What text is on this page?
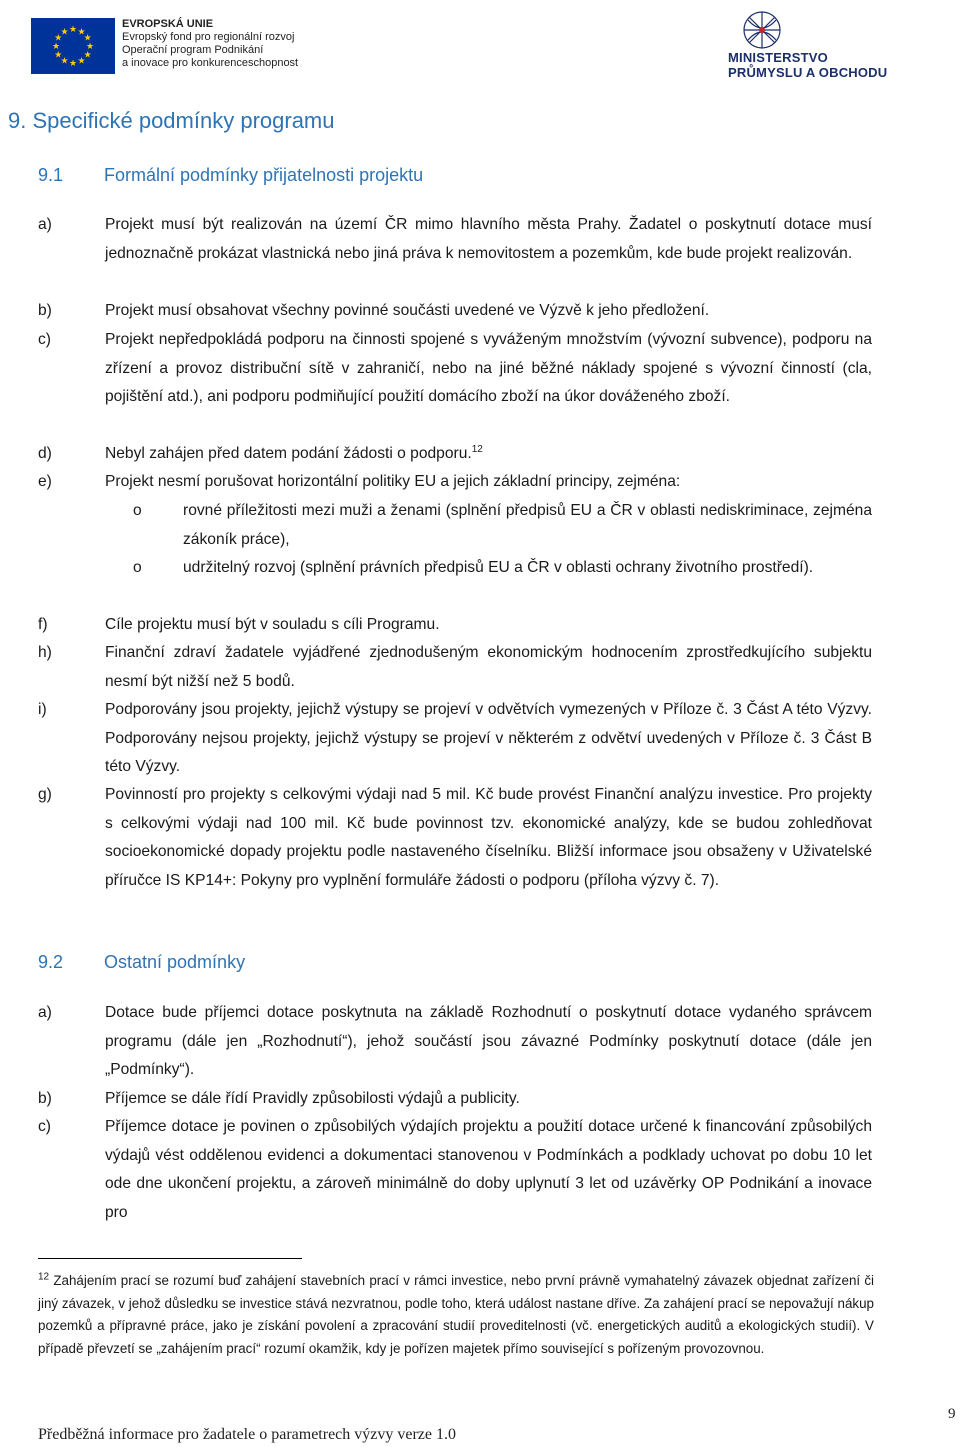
★ ★
★
★
★
★
★
★
★
★
★
★
EVROPSKÁ UNIE
Evropský fond pro regionální rozvoj
Operační program Podnikání
a inovace pro konkurenceschopnost	MINISTERSTVO
PRŮMYSLU A OBCHODU
9. Specifické podmínky programu
9.1 Formální podmínky přijatelnosti projektu
a)	Projekt musí být realizován na území ČR mimo hlavního města Prahy. Žadatel o poskytnutí dotace musí jednoznačně prokázat vlastnická nebo jiná práva k nemovitostem a pozemkům, kde bude projekt realizován.
b)	Projekt musí obsahovat všechny povinné součásti uvedené ve Výzvě k jeho předložení.
c)	Projekt nepředpokládá podporu na činnosti spojené s vyváženým množstvím (vývozní subvence), podporu na zřízení a provoz distribuční sítě v zahraničí, nebo na jiné běžné náklady spojené s vývozní činností (cla, pojištění atd.), ani podporu podmiňující použití domácího zboží na úkor dováženého zboží.
d)	Nebyl zahájen před datem podání žádosti o podporu.$^{12}$
e)	Projekt nesmí porušovat horizontální politiky EU a jejich základní principy, zejména:
o	rovné příležitosti mezi muži a ženami (splnění předpisů EU a ČR v oblasti nediskriminace, zejména zákoník práce),
o	udržitelný rozvoj (splnění právních předpisů EU a ČR v oblasti ochrany životního prostředí).
f)	Cíle projektu musí být v souladu s cíli Programu.
h)	Finanční zdraví žadatele vyjádřené zjednodušeným ekonomickým hodnocením zprostředkujícího subjektu nesmí být nižší než 5 bodů.
i)	Podporovány jsou projekty, jejichž výstupy se projeví v odvětvích vymezených v Příloze č. 3 Část A této Výzvy. Podporovány nejsou projekty, jejichž výstupy se projeví v některém z odvětví uvedených v Příloze č. 3 Část B této Výzvy.
g)	Povinností pro projekty s celkovými výdaji nad 5 mil. Kč bude provést Finanční analýzu investice. Pro projekty s celkovými výdaji nad 100 mil. Kč bude povinnost tzv. ekonomické analýzy, kde se budou zohledňovat socioekonomické dopady projektu podle nastaveného číselníku. Bližší informace jsou obsaženy v Uživatelské příručce IS KP14+: Pokyny pro vyplnění formuláře žádosti o podporu (příloha výzvy č. 7).
9.2 Ostatní podmínky
a)	Dotace bude příjemci dotace poskytnuta na základě Rozhodnutí o poskytnutí dotace vydaného správcem programu (dále jen „Rozhodnutí“), jehož součástí jsou závazné Podmínky poskytnutí dotace (dále jen „Podmínky“).
b)	Příjemce se dále řídí Pravidly způsobilosti výdajů a publicity.
c)	Příjemce dotace je povinen o způsobilých výdajích projektu a použití dotace určené k financování způsobilých výdajů vést oddělenou evidenci a dokumentaci stanovenou v Podmínkách a podklady uchovat po dobu 10 let ode dne ukončení projektu, a zároveň minimálně do doby uplynutí 3 let od uzávěrky OP Podnikání a inovace pro
$^{12}$ Zahájením prací se rozumí buď zahájení stavebních prací v rámci investice, nebo první právně vymahatelný závazek objednat zařízení či jiný závazek, v jehož důsledku se investice stává nezvratnou, podle toho, která událost nastane dříve. Za zahájení prací se nepovažují nákup pozemků a přípravné práce, jako je získání povolení a zpracování studií proveditelnosti (vč. energetických auditů a ekologických studií). V případě převzetí se „zahájením prací“ rozumí okamžik, kdy je pořízen majetek přímo související s pořízeným provozovnou.
Předběžná informace pro žadatele o parametrech výzvy verze 1.0
9
